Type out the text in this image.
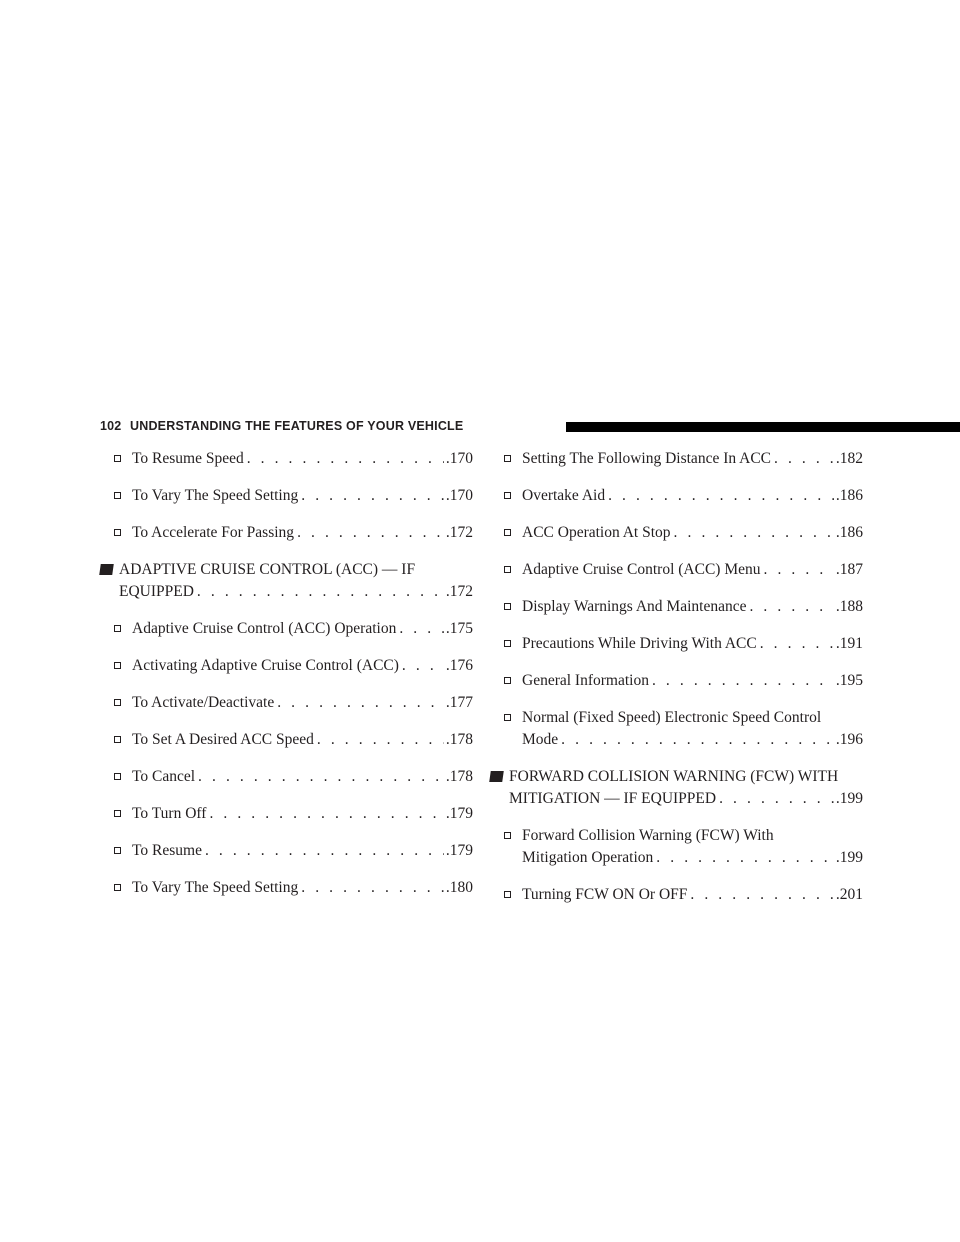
102 UNDERSTANDING THE FEATURES OF YOUR VEHICLE
To Resume Speed . . .	.170
To Vary The Speed Setting . . .	.170
To Accelerate For Passing . . .	.172
ADAPTIVE CRUISE CONTROL (ACC) — IF
EQUIPPED . . .	.172
Adaptive Cruise Control (ACC) Operation . . .	.175
Activating Adaptive Cruise Control (ACC) . . .	.176
To Activate/Deactivate . . .	.177
To Set A Desired ACC Speed . . .	.178
To Cancel . . .	.178
To Turn Off . . .	.179
To Resume . . .	.179
To Vary The Speed Setting . . .	.180
Setting The Following Distance In ACC . . .	.182
Overtake Aid . . .	.186
ACC Operation At Stop . . .	.186
Adaptive Cruise Control (ACC) Menu . . .	.187
Display Warnings And Maintenance . . .	.188
Precautions While Driving With ACC . . .	.191
General Information . . .	.195
Normal (Fixed Speed) Electronic Speed Control
Mode . . .	.196
FORWARD COLLISION WARNING (FCW) WITH
MITIGATION — IF EQUIPPED . . .	.199
Forward Collision Warning (FCW) With
Mitigation Operation . . .	.199
Turning FCW ON Or OFF . . .	.201
